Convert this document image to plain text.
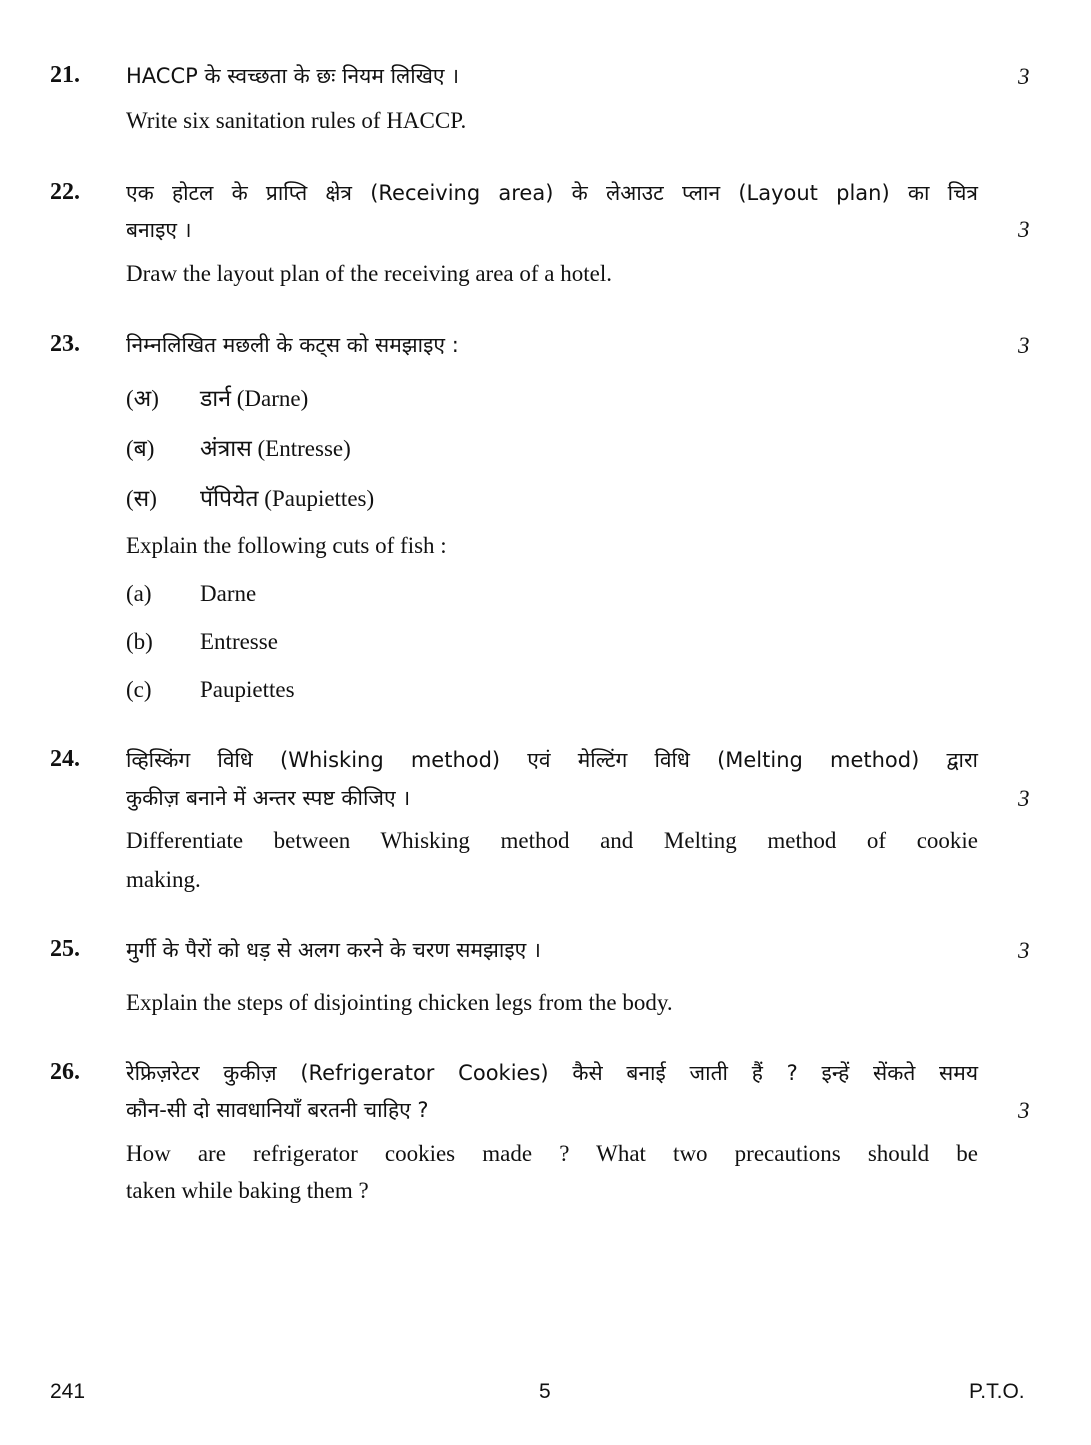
21. HACCP के स्वच्छता के छः नियम लिखिए ।	3
Write six sanitation rules of HACCP.
22. एक होटल के प्राप्ति क्षेत्र (Receiving area) के लेआउट प्लान (Layout plan) का चित्र
बनाइए ।	3
Draw the layout plan of the receiving area of a hotel.
23. निम्नलिखित मछली के कट्स को समझाइए :	3
(अ) डार्न (Darne)
(ब) अंत्रास (Entresse)
(स) पॅपियेत (Paupiettes)
Explain the following cuts of fish :
(a) Darne
(b) Entresse
(c) Paupiettes
24. व्हिस्किंग विधि (Whisking method) एवं मेल्टिंग विधि (Melting method) द्वारा
कुकीज़ बनाने में अन्तर स्पष्ट कीजिए ।	3
Differentiate between Whisking method and Melting method of cookie
making.
25. मुर्गी के पैरों को धड़ से अलग करने के चरण समझाइए ।	3
Explain the steps of disjointing chicken legs from the body.
26. रेफ्रिज़रेटर कुकीज़ (Refrigerator Cookies) कैसे बनाई जाती हैं ? इन्हें सेंकते समय
कौन-सी दो सावधानियाँ बरतनी चाहिए ?	3
How are refrigerator cookies made ? What two precautions should be
taken while baking them ?
241	5	P.T.O.
